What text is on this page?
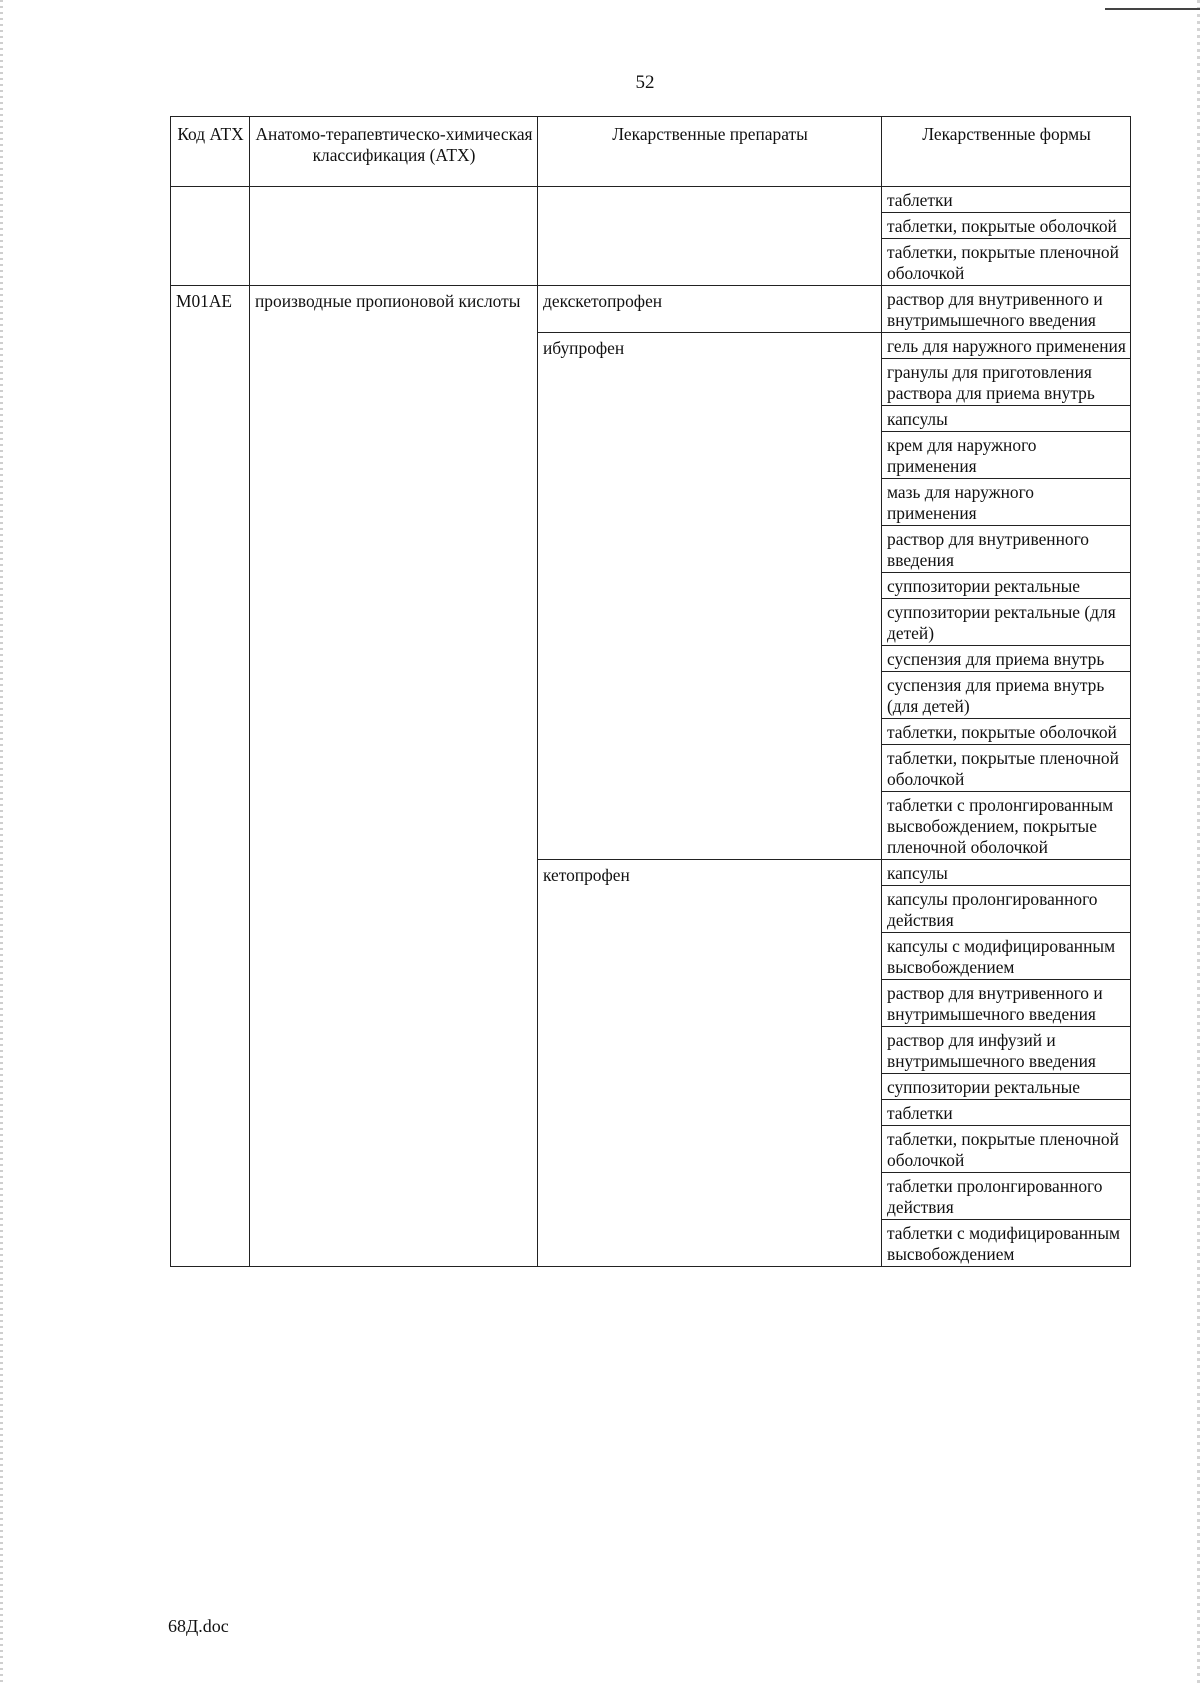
52
Код АТХ	Анатомо-терапевтическо-химическая классификация (АТХ)	Лекарственные препараты	Лекарственные формы
			таблетки
			таблетки, покрытые оболочкой
			таблетки, покрытые пленочной оболочкой
M01AE	производные пропионовой кислоты	декскетопрофен	раствор для внутривенного и внутримышечного введения
		ибупрофен	гель для наружного применения
			гранулы для приготовления раствора для приема внутрь
			капсулы
			крем для наружного применения
			мазь для наружного применения
			раствор для внутривенного введения
			суппозитории ректальные
			суппозитории ректальные (для детей)
			суспензия для приема внутрь
			суспензия для приема внутрь (для детей)
			таблетки, покрытые оболочкой
			таблетки, покрытые пленочной оболочкой
			таблетки с пролонгированным высвобождением, покрытые пленочной оболочкой
		кетопрофен	капсулы
			капсулы пролонгированного действия
			капсулы с модифицированным высвобождением
			раствор для внутривенного и внутримышечного введения
			раствор для инфузий и внутримышечного введения
			суппозитории ректальные
			таблетки
			таблетки, покрытые пленочной оболочкой
			таблетки пролонгированного действия
			таблетки с модифицированным высвобождением
68Д.doc
